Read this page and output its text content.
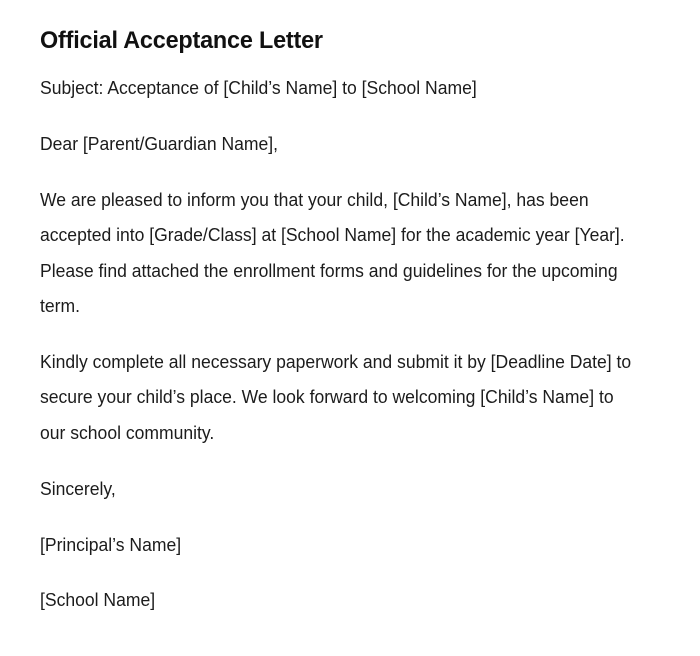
Official Acceptance Letter

Subject: Acceptance of [Child’s Name] to [School Name]

Dear [Parent/Guardian Name],

We are pleased to inform you that your child, [Child’s Name], has been accepted into [Grade/Class] at [School Name] for the academic year [Year]. Please find attached the enrollment forms and guidelines for the upcoming term.

Kindly complete all necessary paperwork and submit it by [Deadline Date] to secure your child’s place. We look forward to welcoming [Child’s Name] to our school community.

Sincerely,

[Principal’s Name]

[School Name]
